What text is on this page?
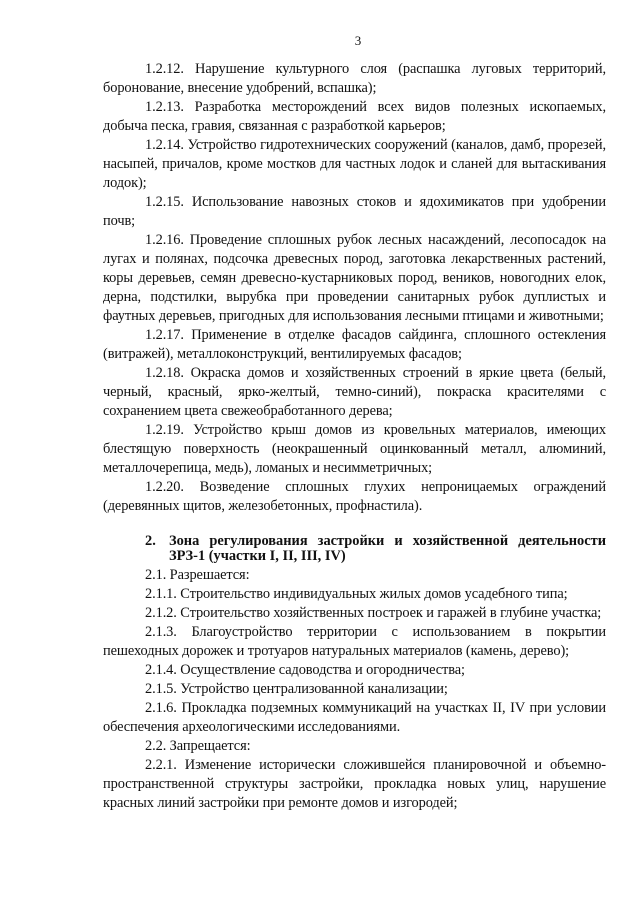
3

1.2.12. Нарушение культурного слоя (распашка луговых территорий, боронование, внесение удобрений, вспашка);

1.2.13. Разработка месторождений всех видов полезных ископаемых, добыча песка, гравия, связанная с разработкой карьеров;

1.2.14. Устройство гидротехнических сооружений (каналов, дамб, прорезей, насыпей, причалов, кроме мостков для частных лодок и сланей для вытаскивания лодок);

1.2.15. Использование навозных стоков и ядохимикатов при удобрении почв;

1.2.16. Проведение сплошных рубок лесных насаждений, лесопосадок на лугах и полянах, подсочка древесных пород, заготовка лекарственных растений, коры деревьев, семян древесно-кустарниковых пород, веников, новогодних елок, дерна, подстилки, вырубка при проведении санитарных рубок дуплистых и фаутных деревьев, пригодных для использования лесными птицами и животными;

1.2.17. Применение в отделке фасадов сайдинга, сплошного остекления (витражей), металлоконструкций, вентилируемых фасадов;

1.2.18. Окраска домов и хозяйственных строений в яркие цвета (белый, черный, красный, ярко-желтый, темно-синий), покраска красителями с сохранением цвета свежеобработанного дерева;

1.2.19. Устройство крыш домов из кровельных материалов, имеющих блестящую поверхность (неокрашенный оцинкованный металл, алюминий, металлочерепица, медь), ломаных и несимметричных;

1.2.20. Возведение сплошных глухих непроницаемых ограждений (деревянных щитов, железобетонных, профнастила).

2. Зона регулирования застройки и хозяйственной деятельности ЗРЗ-1 (участки I, II, III, IV)

2.1. Разрешается:

2.1.1. Строительство индивидуальных жилых домов усадебного типа;

2.1.2. Строительство хозяйственных построек и гаражей в глубине участка;

2.1.3. Благоустройство территории с использованием в покрытии пешеходных дорожек и тротуаров натуральных материалов (камень, дерево);

2.1.4. Осуществление садоводства и огородничества;

2.1.5. Устройство централизованной канализации;

2.1.6. Прокладка подземных коммуникаций на участках II, IV при условии обеспечения археологическими исследованиями.

2.2. Запрещается:

2.2.1. Изменение исторически сложившейся планировочной и объемно-пространственной структуры застройки, прокладка новых улиц, нарушение красных линий застройки при ремонте домов и изгородей;
